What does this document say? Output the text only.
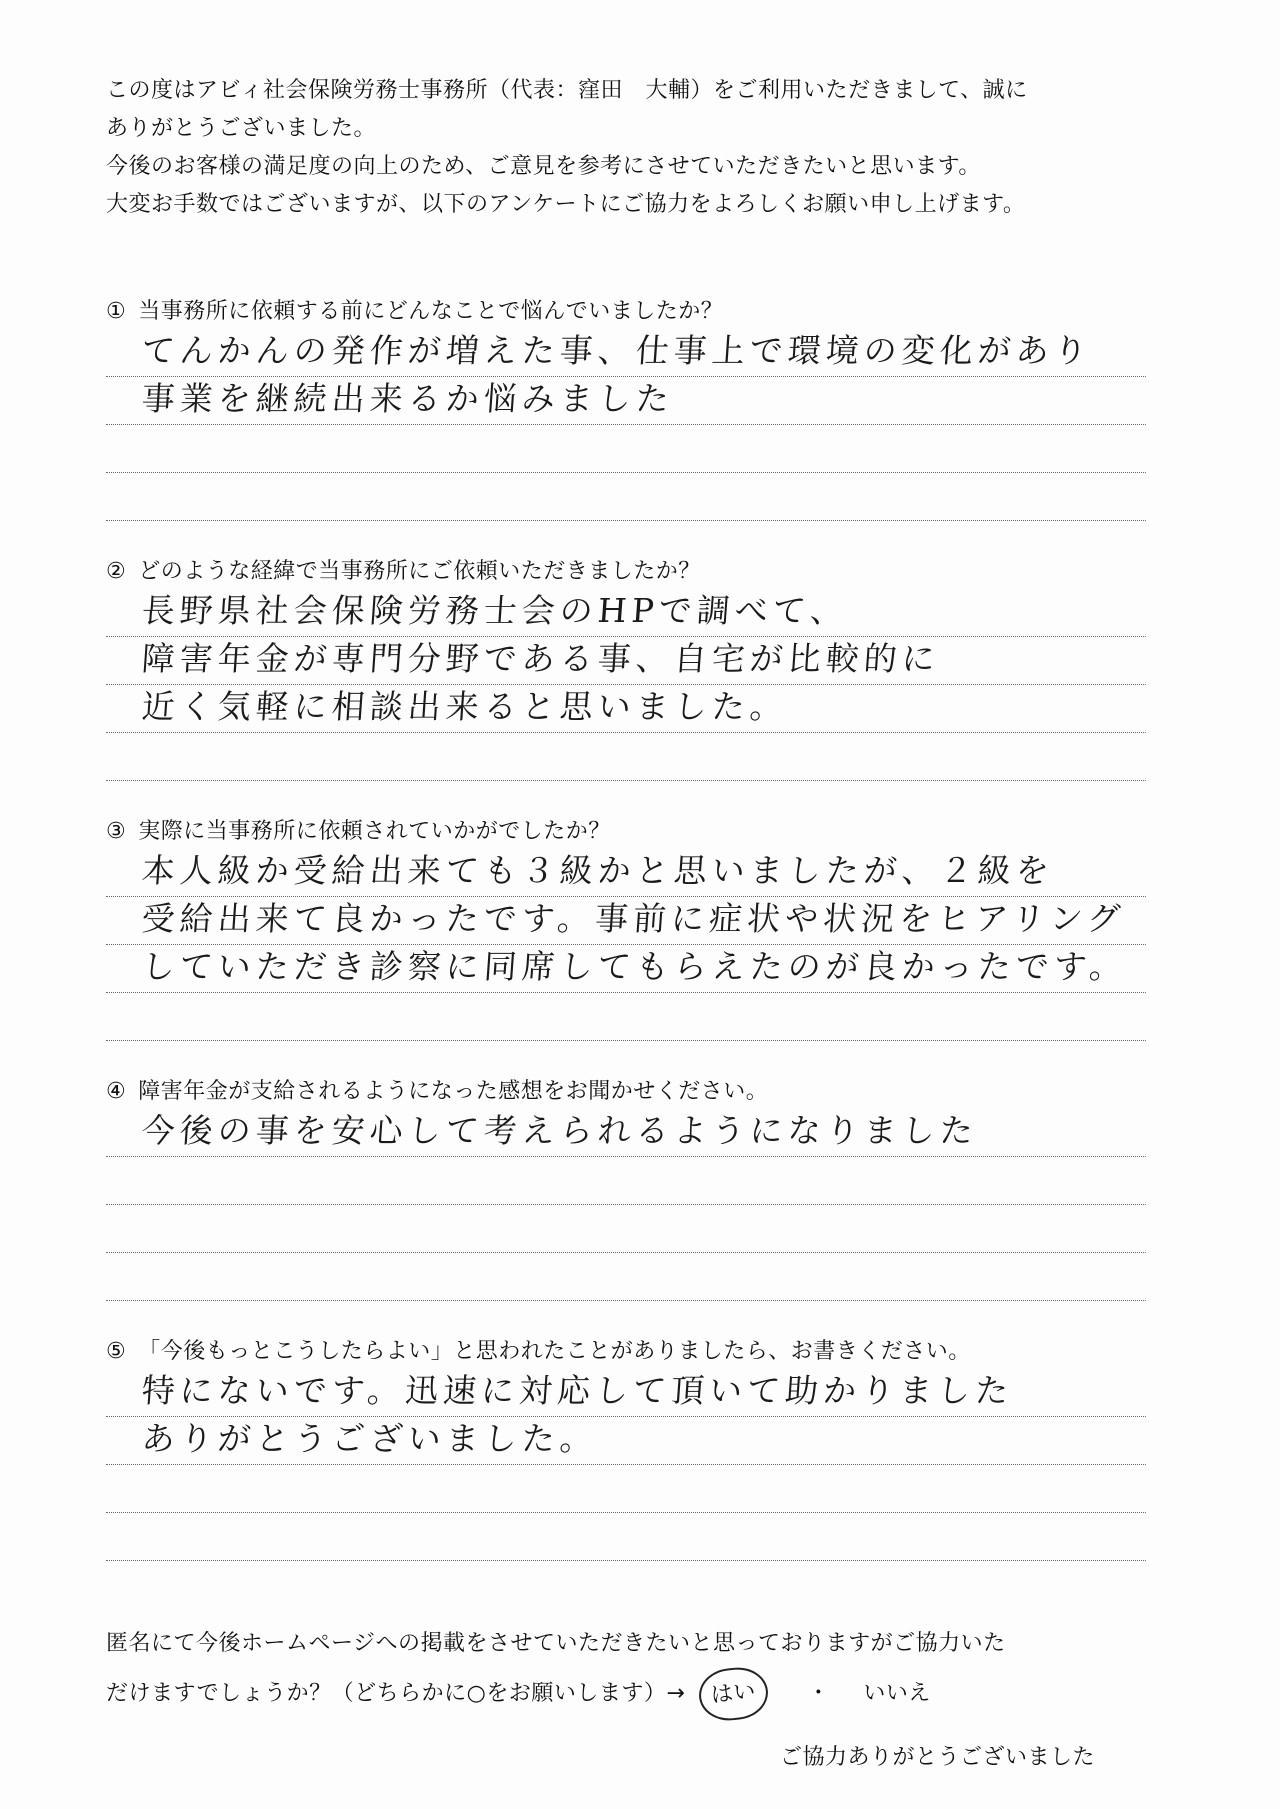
この度はアビィ社会保険労務士事務所（代表：窪田　大輔）をご利用いただきまして、誠に

ありがとうございました。

今後のお客様の満足度の向上のため、ご意見を参考にさせていただきたいと思います。

大変お手数ではございますが、以下のアンケートにご協力をよろしくお願い申し上げます。

① 当事務所に依頼する前にどんなことで悩んでいましたか？
てんかんの発作が増えた事、仕事上で環境の変化があり
事業を継続出来るか悩みました
② どのような経緯で当事務所にご依頼いただきましたか？
長野県社会保険労務士会のHPで調べて、
障害年金が専門分野である事、自宅が比較的に
近く気軽に相談出来ると思いました。
③ 実際に当事務所に依頼されていかがでしたか？
本人級か受給出来ても３級かと思いましたが、２級を
受給出来て良かったです。事前に症状や状況をヒアリング
していただき診察に同席してもらえたのが良かったです。
④ 障害年金が支給されるようになった感想をお聞かせください。
今後の事を安心して考えられるようになりました
⑤ 「今後もっとこうしたらよい」と思われたことがありましたら、お書きください。
特にないです。迅速に対応して頂いて助かりました
ありがとうございました。

匿名にて今後ホームページへの掲載をさせていただきたいと思っておりますがご協力いた

だけますでしょうか？（どちらかに○をお願いします）→ はい ・ いいえ

ご協力ありがとうございました
